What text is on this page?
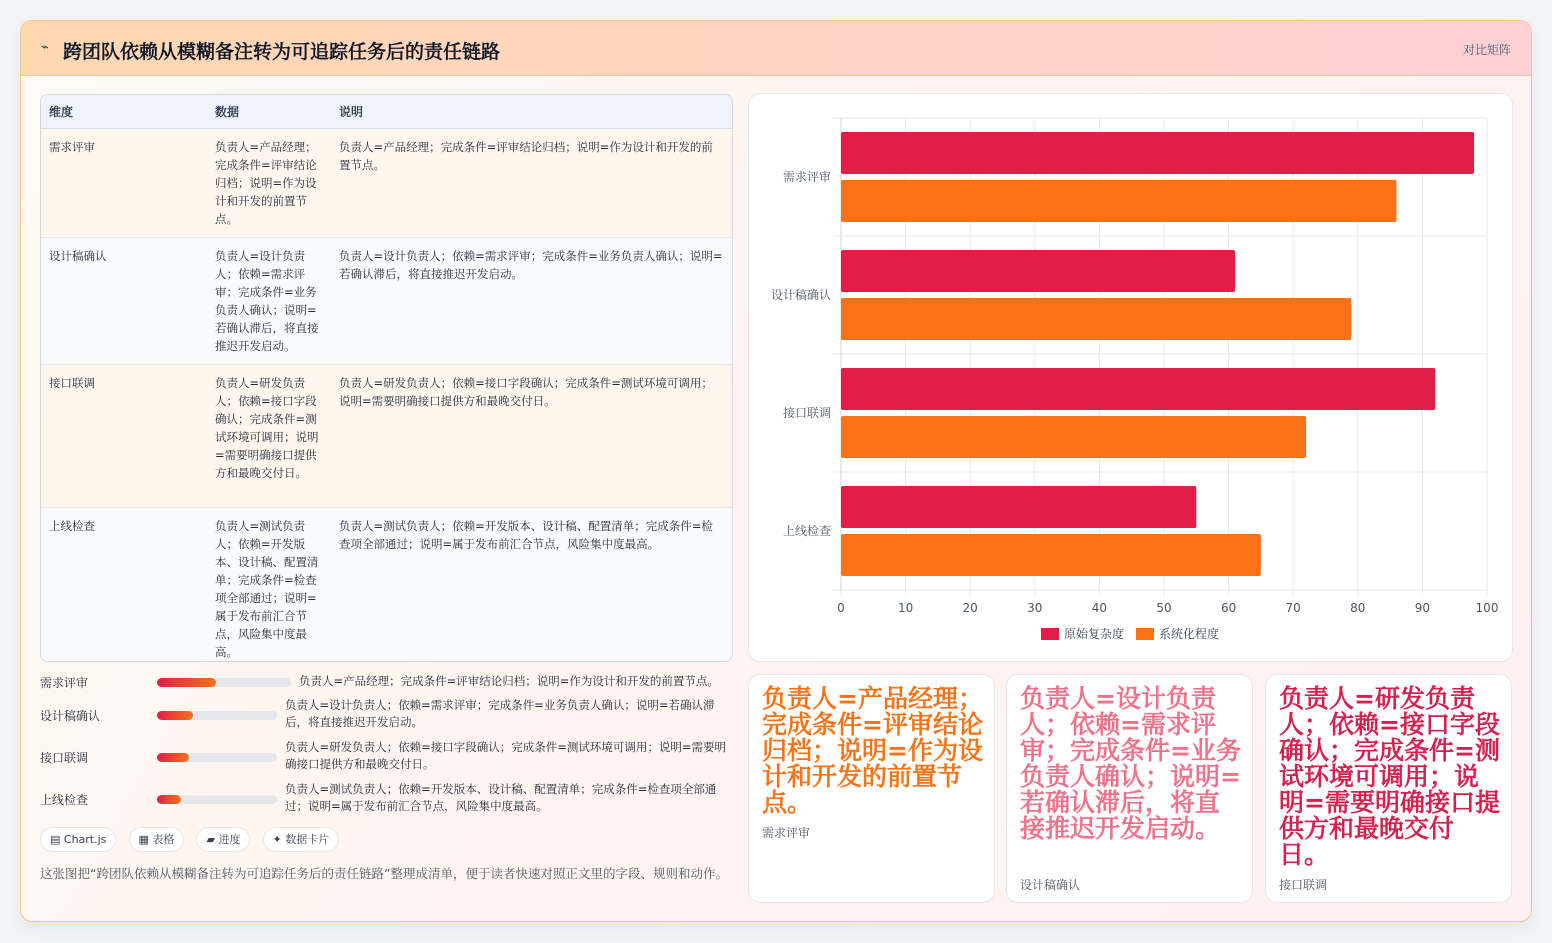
⌁ 跨团队依赖从模糊备注转为可追踪任务后的责任链路	对比矩阵
维度	数据	说明
需求评审	负责人=产品经理；完成条件=评审结论归档；说明=作为设计和开发的前置节点。	负责人=产品经理；完成条件=评审结论归档；说明=作为设计和开发的前置节点。
设计稿确认	负责人=设计负责人；依赖=需求评审；完成条件=业务负责人确认；说明=若确认滞后，将直接推迟开发启动。	负责人=设计负责人；依赖=需求评审；完成条件=业务负责人确认；说明=若确认滞后，将直接推迟开发启动。
接口联调	负责人=研发负责人；依赖=接口字段确认；完成条件=测试环境可调用；说明=需要明确接口提供方和最晚交付日。	负责人=研发负责人；依赖=接口字段确认；完成条件=测试环境可调用；说明=需要明确接口提供方和最晚交付日。
上线检查	负责人=测试负责人；依赖=开发版本、设计稿、配置清单；完成条件=检查项全部通过；说明=属于发布前汇合节点，风险集中度最高。	负责人=测试负责人；依赖=开发版本、设计稿、配置清单；完成条件=检查项全部通过；说明=属于发布前汇合节点，风险集中度最高。
0	10	20	30	40	50	60	70	80	90	100
需求评审
设计稿确认
接口联调
上线检查
原始复杂度	系统化程度
需求评审	负责人=产品经理；完成条件=评审结论归档；说明=作为设计和开发的前置节点。
设计稿确认
负责人=设计负责人；依赖=需求评审；完成条件=业务负责人确认；说明=若确认滞后，将直接推迟开发启动。
接口联调
负责人=研发负责人；依赖=接口字段确认；完成条件=测试环境可调用；说明=需要明确接口提供方和最晚交付日。
上线检查
负责人=测试负责人；依赖=开发版本、设计稿、配置清单；完成条件=检查项全部通过；说明=属于发布前汇合节点，风险集中度最高。
▤ Chart.js	▦ 表格	▰ 进度	✦ 数据卡片
这张图把“跨团队依赖从模糊备注转为可追踪任务后的责任链路”整理成清单，便于读者快速对照正文里的字段、规则和动作。
负责人=产品经理；完成条件=评审结论归档；说明=作为设计和开发的前置节点。
需求评审
负责人=设计负责人；依赖=需求评审；完成条件=业务负责人确认；说明=若确认滞后，将直接推迟开发启动。
设计稿确认
负责人=研发负责人；依赖=接口字段确认；完成条件=测试环境可调用；说明=需要明确接口提供方和最晚交付日。
接口联调
